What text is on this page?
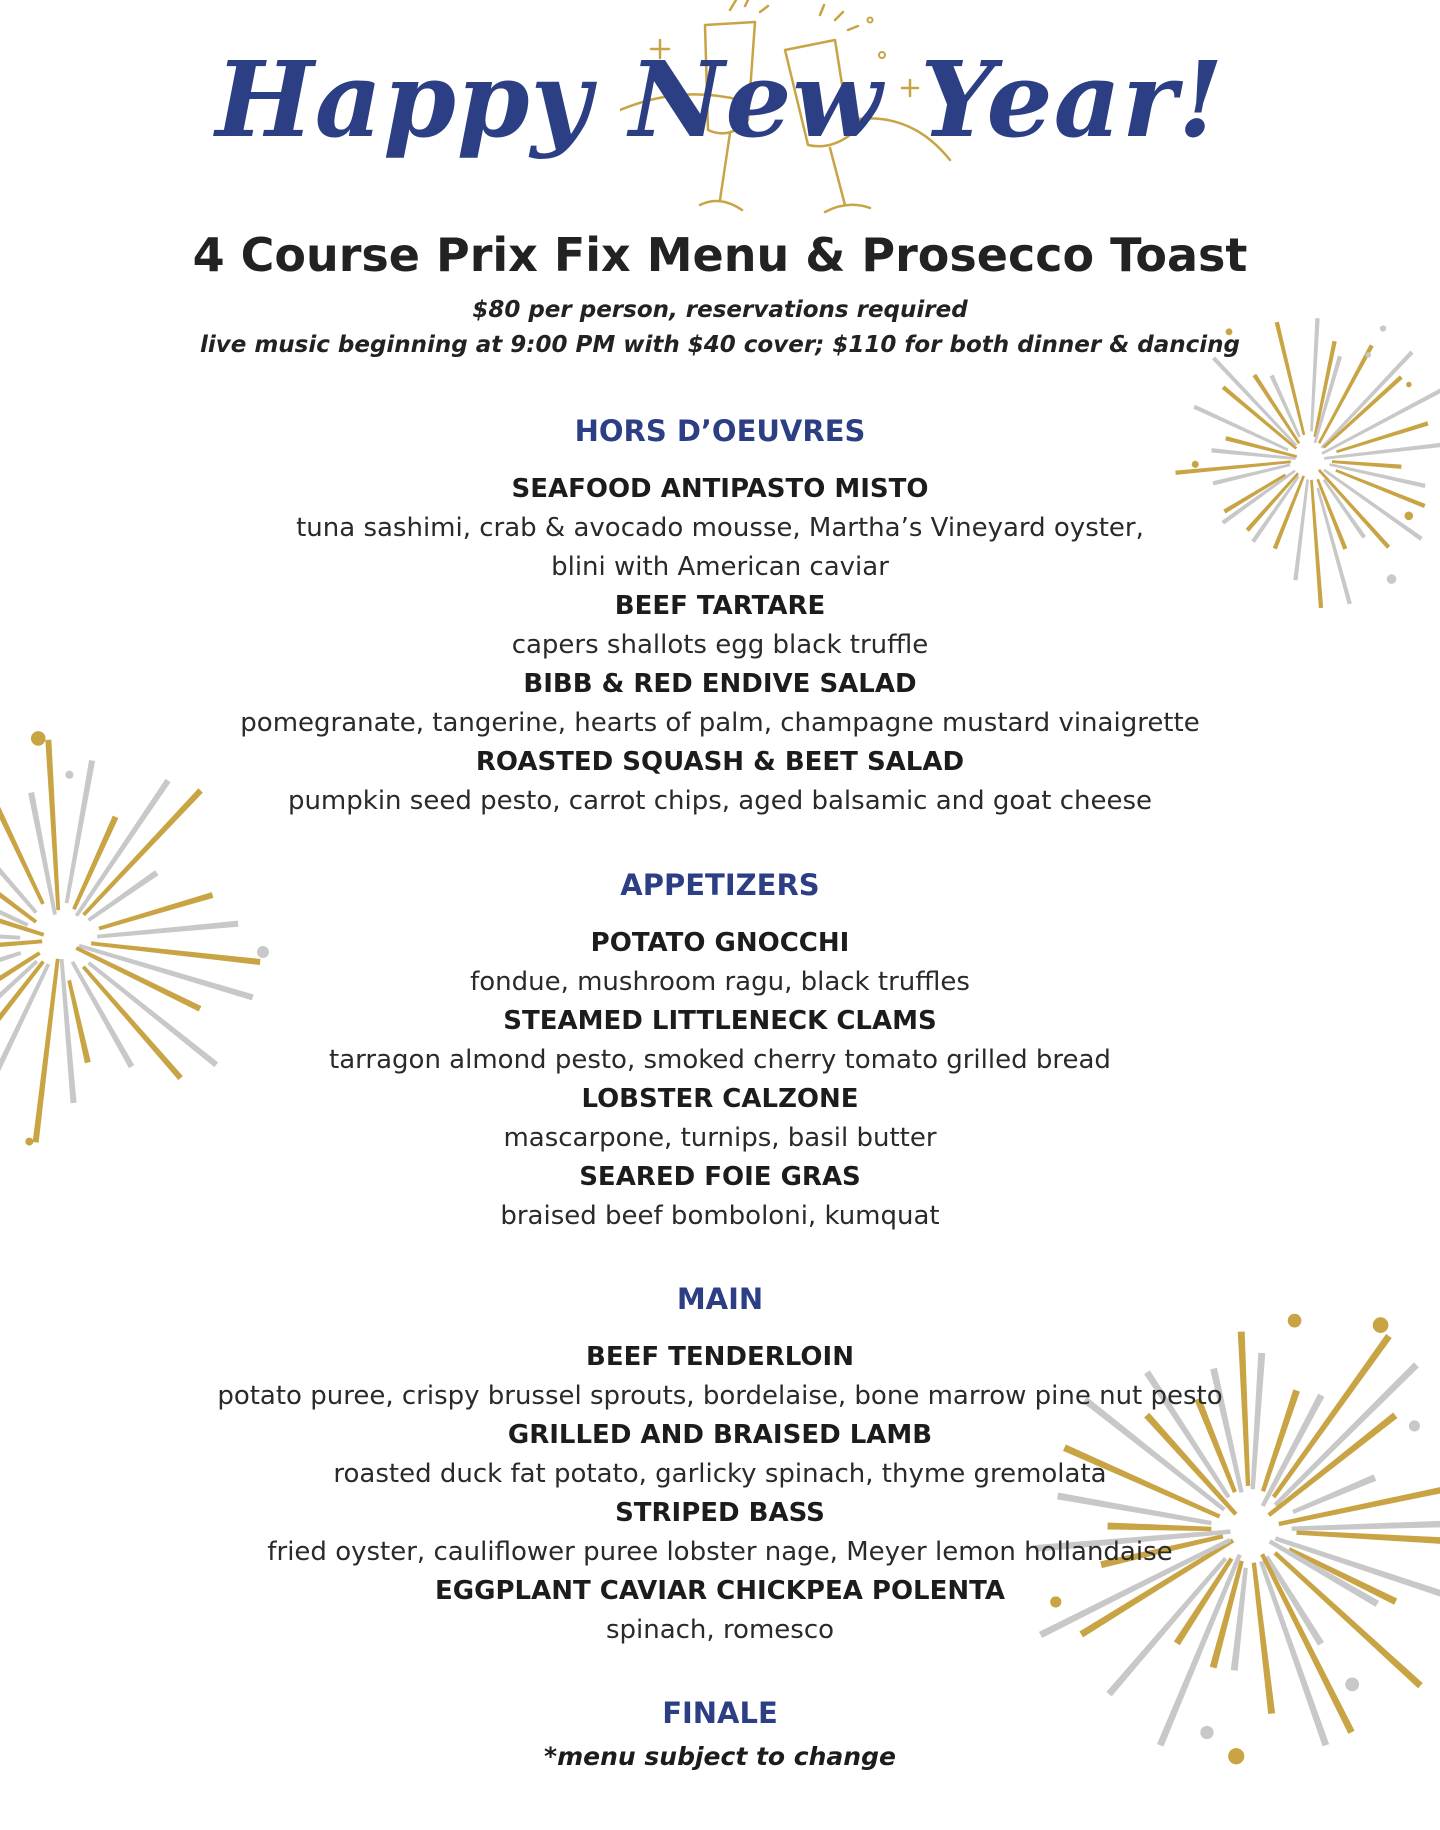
Happy New Year!
4 Course Prix Fix Menu & Prosecco Toast

$80 per person, reservations required

live music beginning at 9:00 PM with $40 cover; $110 for both dinner & dancing

HORS D’OEUVRES

SEAFOOD ANTIPASTO MISTO

tuna sashimi, crab & avocado mousse, Martha’s Vineyard oyster,

blini with American caviar

BEEF TARTARE

capers shallots egg black truffle

BIBB & RED ENDIVE SALAD

pomegranate, tangerine, hearts of palm, champagne mustard vinaigrette

ROASTED SQUASH & BEET SALAD

pumpkin seed pesto, carrot chips, aged balsamic and goat cheese

APPETIZERS

POTATO GNOCCHI

fondue, mushroom ragu, black truffles

STEAMED LITTLENECK CLAMS

tarragon almond pesto, smoked cherry tomato grilled bread

LOBSTER CALZONE

mascarpone, turnips, basil butter

SEARED FOIE GRAS

braised beef bomboloni, kumquat

MAIN

BEEF TENDERLOIN

potato puree, crispy brussel sprouts, bordelaise, bone marrow pine nut pesto

GRILLED AND BRAISED LAMB

roasted duck fat potato, garlicky spinach, thyme gremolata

STRIPED BASS

fried oyster, cauliflower puree lobster nage, Meyer lemon hollandaise

EGGPLANT CAVIAR CHICKPEA POLENTA

spinach, romesco

FINALE

*menu subject to change
